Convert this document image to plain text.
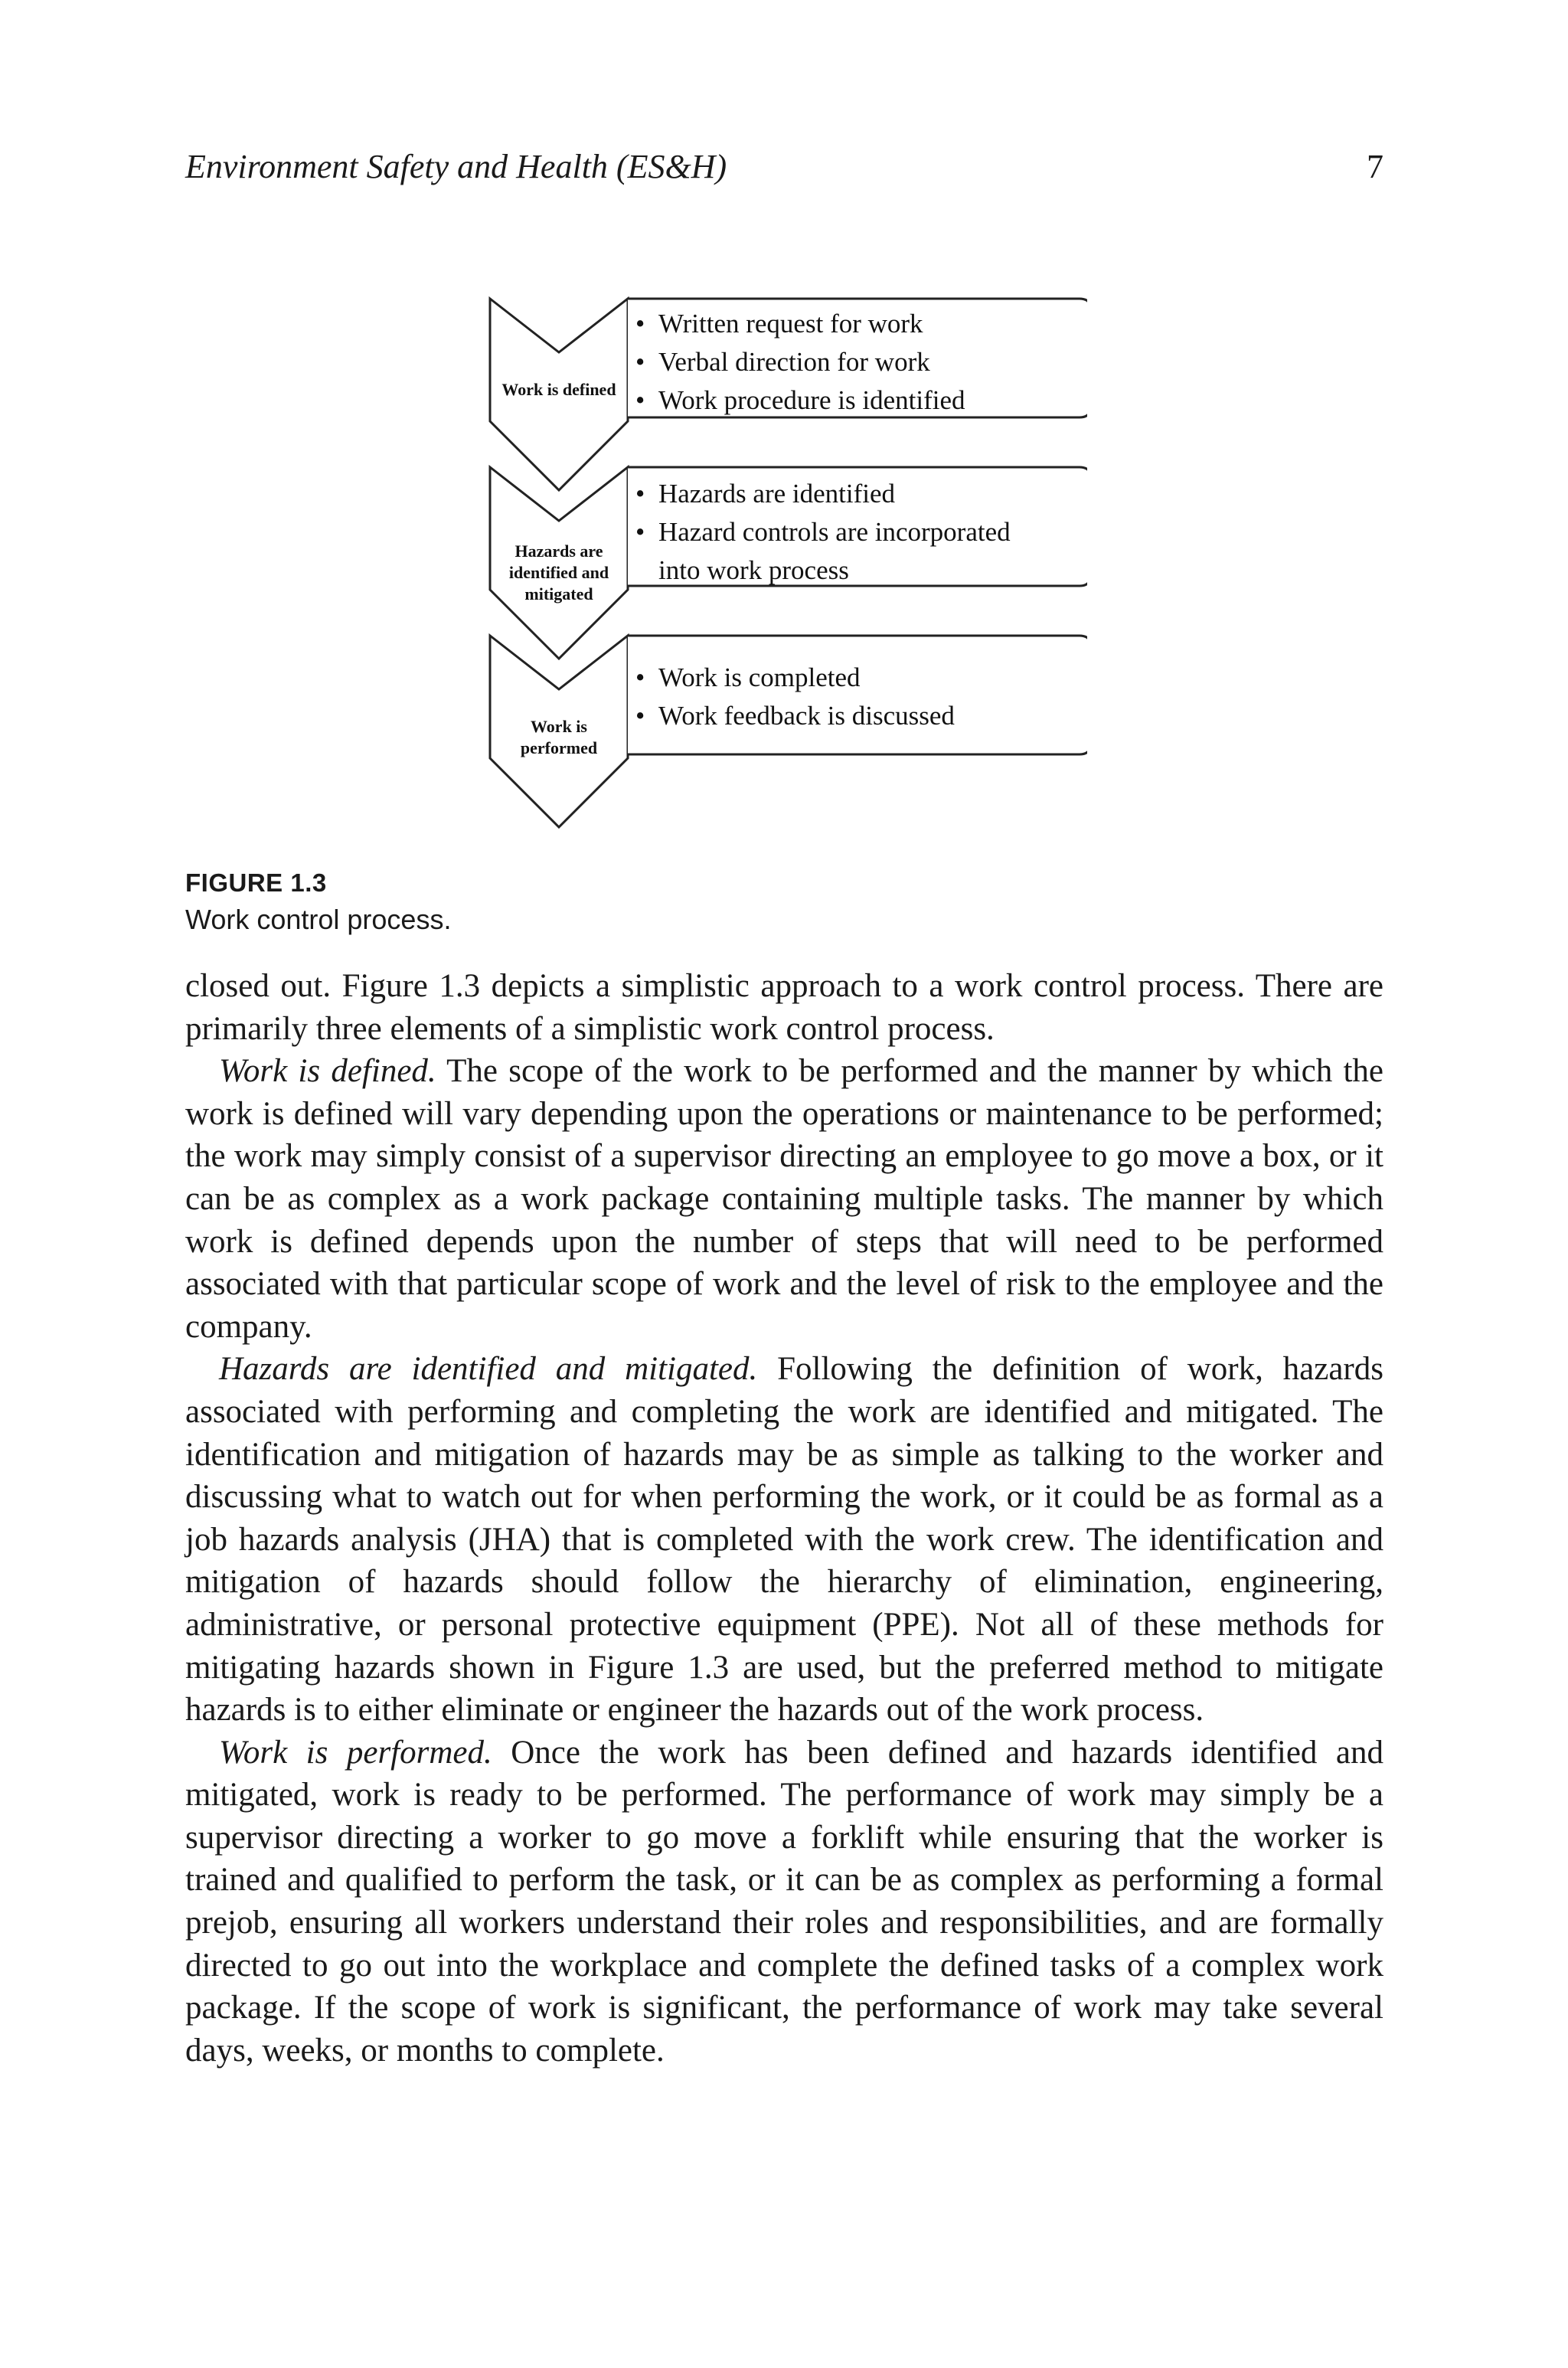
Environment Safety and Health (ES&H)	7
Work is defined
Hazards are identified and mitigated
Work is performed
• Written request for work
• Verbal direction for work
• Work procedure is identified
• Hazards are identified
• Hazard controls are incorporated
into work process
• Work is completed
• Work feedback is discussed
FIGURE 1.3
Work control process.

closed out. Figure 1.3 depicts a simplistic approach to a work control process. There are primarily three elements of a simplistic work control process.

Work is defined. The scope of the work to be performed and the manner by which the work is defined will vary depending upon the operations or maintenance to be performed; the work may simply consist of a supervisor directing an employee to go move a box, or it can be as complex as a work package containing multiple tasks. The manner by which work is defined depends upon the number of steps that will need to be performed associated with that particular scope of work and the level of risk to the employee and the company.

Hazards are identified and mitigated. Following the definition of work, hazards associated with performing and completing the work are identified and mitigated. The identification and mitigation of hazards may be as simple as talking to the worker and discussing what to watch out for when performing the work, or it could be as formal as a job hazards analysis (JHA) that is completed with the work crew. The identification and mitigation of hazards should follow the hierarchy of elimination, engineering, administrative, or personal protective equipment (PPE). Not all of these methods for mitigating hazards shown in Figure 1.3 are used, but the preferred method to mitigate hazards is to either eliminate or engineer the hazards out of the work process.

Work is performed. Once the work has been defined and hazards identified and mitigated, work is ready to be performed. The performance of work may simply be a supervisor directing a worker to go move a forklift while ensuring that the worker is trained and qualified to perform the task, or it can be as complex as performing a formal prejob, ensuring all workers understand their roles and responsibilities, and are formally directed to go out into the workplace and complete the defined tasks of a complex work package. If the scope of work is significant, the performance of work may take several days, weeks, or months to complete.
